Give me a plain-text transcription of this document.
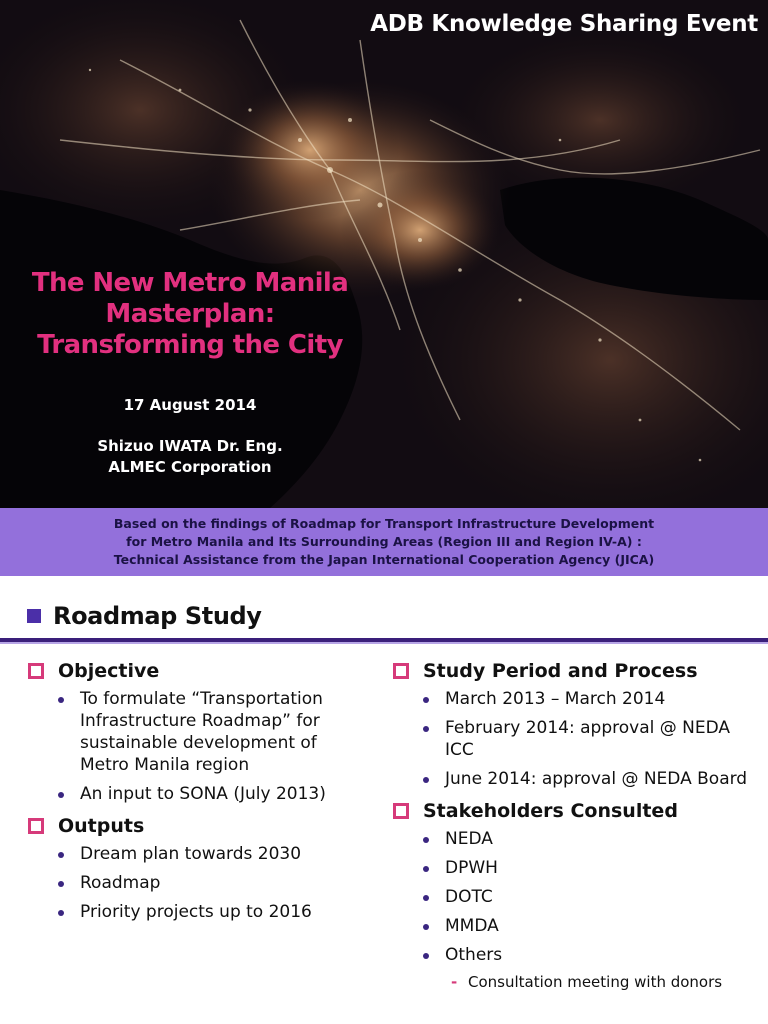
ADB Knowledge Sharing Event
The New Metro Manila
Masterplan:
Transforming the City
17 August 2014
Shizuo IWATA Dr. Eng.
ALMEC Corporation
Based on the findings of Roadmap for Transport Infrastructure Development
for Metro Manila and Its Surrounding Areas (Region III and Region IV-A) :
Technical Assistance from the Japan International Cooperation Agency (JICA)
Roadmap Study
Objective
To formulate “Transportation Infrastructure Roadmap” for sustainable development of Metro Manila region
An input to SONA (July 2013)
Outputs
Dream plan towards 2030
Roadmap
Priority projects up to 2016
Study Period and Process
March 2013 – March 2014
February 2014: approval @ NEDA ICC
June 2014: approval @ NEDA Board
Stakeholders Consulted
NEDA
DPWH
DOTC
MMDA
Others
- Consultation meeting with donors
